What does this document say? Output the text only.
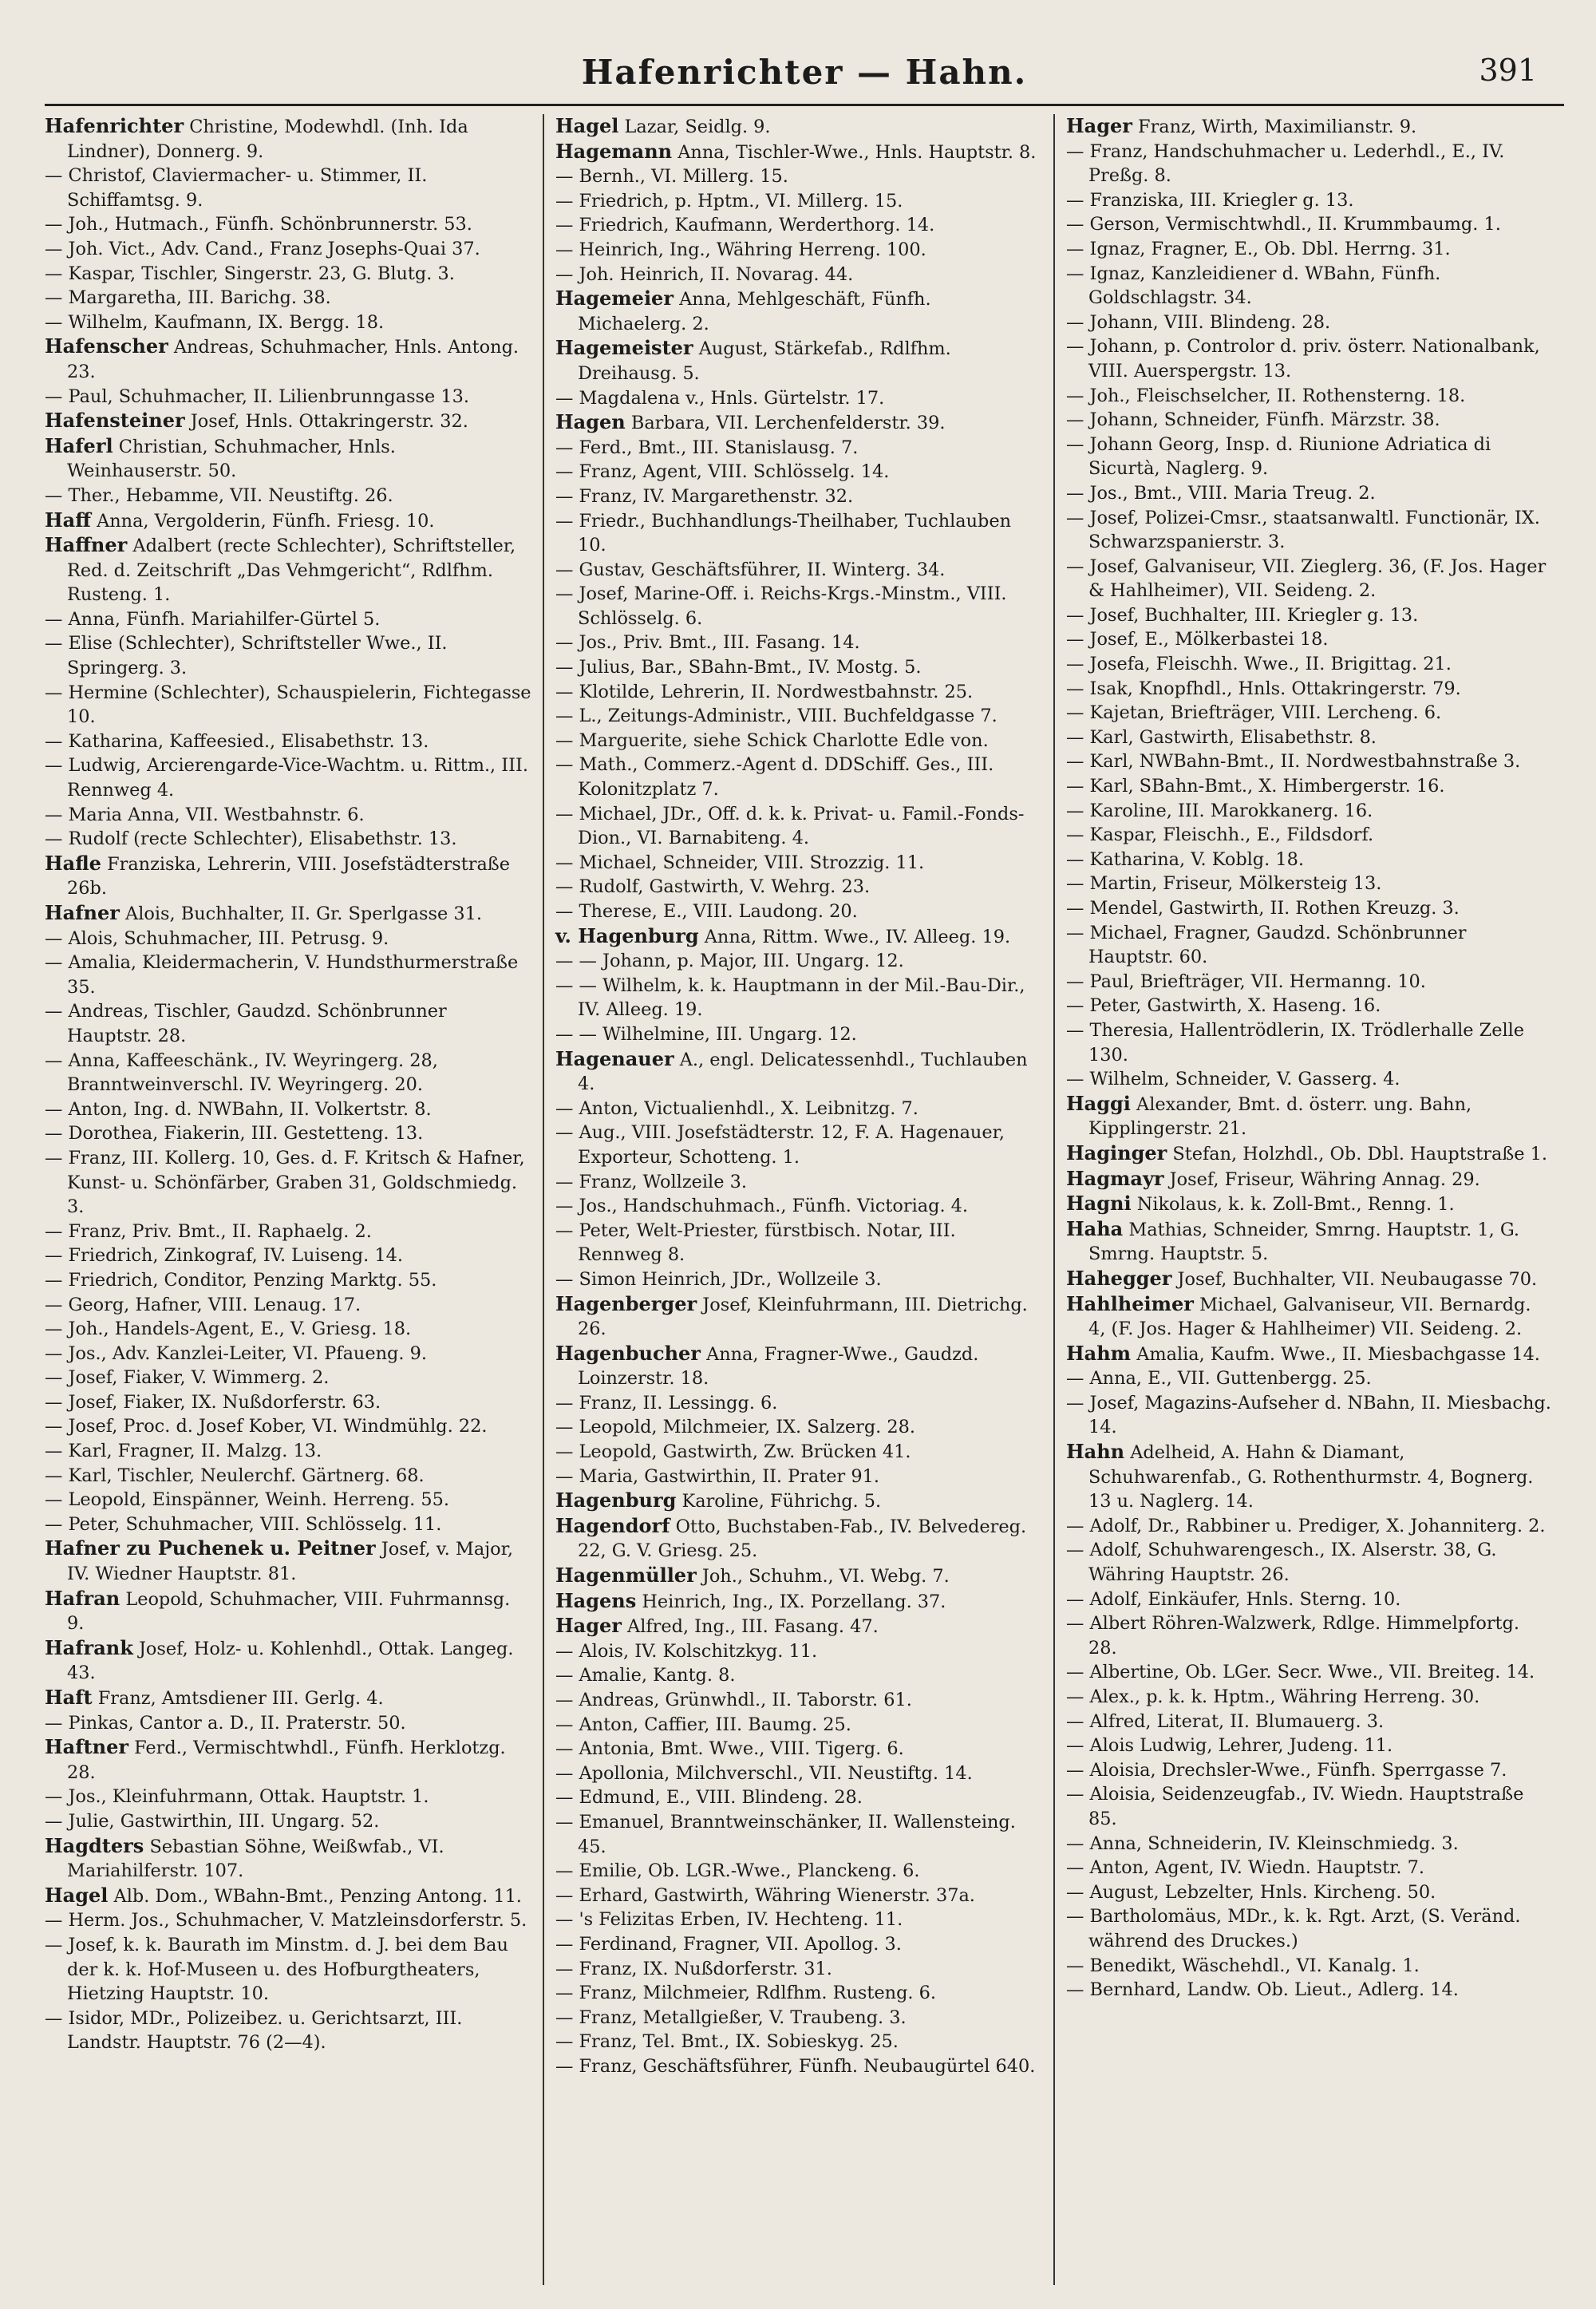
Hafenrichter — Hahn.	391

Hafenrichter Christine, Modewhdl. (Inh. Ida Lindner), Donnerg. 9.

— Christof, Claviermacher- u. Stimmer, II. Schiffamtsg. 9.

— Joh., Hutmach., Fünfh. Schönbrunnerstr. 53.

— Joh. Vict., Adv. Cand., Franz Josephs-Quai 37.

— Kaspar, Tischler, Singerstr. 23, G. Blutg. 3.

— Margaretha, III. Barichg. 38.

— Wilhelm, Kaufmann, IX. Bergg. 18.

Hafenscher Andreas, Schuhmacher, Hnls. Antong. 23.

— Paul, Schuhmacher, II. Lilienbrunngasse 13.

Hafensteiner Josef, Hnls. Ottakringerstr. 32.

Haferl Christian, Schuhmacher, Hnls. Weinhauserstr. 50.

— Ther., Hebamme, VII. Neustiftg. 26.

Haff Anna, Vergolderin, Fünfh. Friesg. 10.

Haffner Adalbert (recte Schlechter), Schriftsteller, Red. d. Zeitschrift „Das Vehmgericht“, Rdlfhm. Rusteng. 1.

— Anna, Fünfh. Mariahilfer-Gürtel 5.

— Elise (Schlechter), Schriftsteller Wwe., II. Springerg. 3.

— Hermine (Schlechter), Schauspielerin, Fichtegasse 10.

— Katharina, Kaffeesied., Elisabethstr. 13.

— Ludwig, Arcierengarde-Vice-Wachtm. u. Rittm., III. Rennweg 4.

— Maria Anna, VII. Westbahnstr. 6.

— Rudolf (recte Schlechter), Elisabethstr. 13.

Hafle Franziska, Lehrerin, VIII. Josefstädterstraße 26b.

Hafner Alois, Buchhalter, II. Gr. Sperlgasse 31.

— Alois, Schuhmacher, III. Petrusg. 9.

— Amalia, Kleidermacherin, V. Hundsthurmerstraße 35.

— Andreas, Tischler, Gaudzd. Schönbrunner Hauptstr. 28.

— Anna, Kaffeeschänk., IV. Weyringerg. 28, Branntweinverschl. IV. Weyringerg. 20.

— Anton, Ing. d. NWBahn, II. Volkertstr. 8.

— Dorothea, Fiakerin, III. Gestetteng. 13.

— Franz, III. Kollerg. 10, Ges. d. F. Kritsch & Hafner, Kunst- u. Schönfärber, Graben 31, Goldschmiedg. 3.

— Franz, Priv. Bmt., II. Raphaelg. 2.

— Friedrich, Zinkograf, IV. Luiseng. 14.

— Friedrich, Conditor, Penzing Marktg. 55.

— Georg, Hafner, VIII. Lenaug. 17.

— Joh., Handels-Agent, E., V. Griesg. 18.

— Jos., Adv. Kanzlei-Leiter, VI. Pfaueng. 9.

— Josef, Fiaker, V. Wimmerg. 2.

— Josef, Fiaker, IX. Nußdorferstr. 63.

— Josef, Proc. d. Josef Kober, VI. Windmühlg. 22.

— Karl, Fragner, II. Malzg. 13.

— Karl, Tischler, Neulerchf. Gärtnerg. 68.

— Leopold, Einspänner, Weinh. Herreng. 55.

— Peter, Schuhmacher, VIII. Schlösselg. 11.

Hafner zu Puchenek u. Peitner Josef, v. Major, IV. Wiedner Hauptstr. 81.

Hafran Leopold, Schuhmacher, VIII. Fuhrmannsg. 9.

Hafrank Josef, Holz- u. Kohlenhdl., Ottak. Langeg. 43.

Haft Franz, Amtsdiener III. Gerlg. 4.

— Pinkas, Cantor a. D., II. Praterstr. 50.

Haftner Ferd., Vermischtwhdl., Fünfh. Herklotzg. 28.

— Jos., Kleinfuhrmann, Ottak. Hauptstr. 1.

— Julie, Gastwirthin, III. Ungarg. 52.

Hagdters Sebastian Söhne, Weißwfab., VI. Mariahilferstr. 107.

Hagel Alb. Dom., WBahn-Bmt., Penzing Antong. 11.

— Herm. Jos., Schuhmacher, V. Matzleinsdorferstr. 5.

— Josef, k. k. Baurath im Minstm. d. J. bei dem Bau der k. k. Hof-Museen u. des Hofburgtheaters, Hietzing Hauptstr. 10.

— Isidor, MDr., Polizeibez. u. Gerichtsarzt, III. Landstr. Hauptstr. 76 (2—4).

Hagel Lazar, Seidlg. 9.

Hagemann Anna, Tischler-Wwe., Hnls. Hauptstr. 8.

— Bernh., VI. Millerg. 15.

— Friedrich, p. Hptm., VI. Millerg. 15.

— Friedrich, Kaufmann, Werderthorg. 14.

— Heinrich, Ing., Währing Herreng. 100.

— Joh. Heinrich, II. Novarag. 44.

Hagemeier Anna, Mehlgeschäft, Fünfh. Michaelerg. 2.

Hagemeister August, Stärkefab., Rdlfhm. Dreihausg. 5.

— Magdalena v., Hnls. Gürtelstr. 17.

Hagen Barbara, VII. Lerchenfelderstr. 39.

— Ferd., Bmt., III. Stanislausg. 7.

— Franz, Agent, VIII. Schlösselg. 14.

— Franz, IV. Margarethenstr. 32.

— Friedr., Buchhandlungs-Theilhaber, Tuchlauben 10.

— Gustav, Geschäftsführer, II. Winterg. 34.

— Josef, Marine-Off. i. Reichs-Krgs.-Minstm., VIII. Schlösselg. 6.

— Jos., Priv. Bmt., III. Fasang. 14.

— Julius, Bar., SBahn-Bmt., IV. Mostg. 5.

— Klotilde, Lehrerin, II. Nordwestbahnstr. 25.

— L., Zeitungs-Administr., VIII. Buchfeldgasse 7.

— Marguerite, siehe Schick Charlotte Edle von.

— Math., Commerz.-Agent d. DDSchiff. Ges., III. Kolonitzplatz 7.

— Michael, JDr., Off. d. k. k. Privat- u. Famil.-Fonds-Dion., VI. Barnabiteng. 4.

— Michael, Schneider, VIII. Strozzig. 11.

— Rudolf, Gastwirth, V. Wehrg. 23.

— Therese, E., VIII. Laudong. 20.

v. Hagenburg Anna, Rittm. Wwe., IV. Alleeg. 19.

— — Johann, p. Major, III. Ungarg. 12.

— — Wilhelm, k. k. Hauptmann in der Mil.-Bau-Dir., IV. Alleeg. 19.

— — Wilhelmine, III. Ungarg. 12.

Hagenauer A., engl. Delicatessenhdl., Tuchlauben 4.

— Anton, Victualienhdl., X. Leibnitzg. 7.

— Aug., VIII. Josefstädterstr. 12, F. A. Hagenauer, Exporteur, Schotteng. 1.

— Franz, Wollzeile 3.

— Jos., Handschuhmach., Fünfh. Victoriag. 4.

— Peter, Welt-Priester, fürstbisch. Notar, III. Rennweg 8.

— Simon Heinrich, JDr., Wollzeile 3.

Hagenberger Josef, Kleinfuhrmann, III. Dietrichg. 26.

Hagenbucher Anna, Fragner-Wwe., Gaudzd. Loinzerstr. 18.

— Franz, II. Lessingg. 6.

— Leopold, Milchmeier, IX. Salzerg. 28.

— Leopold, Gastwirth, Zw. Brücken 41.

— Maria, Gastwirthin, II. Prater 91.

Hagenburg Karoline, Führichg. 5.

Hagendorf Otto, Buchstaben-Fab., IV. Belvedereg. 22, G. V. Griesg. 25.

Hagenmüller Joh., Schuhm., VI. Webg. 7.

Hagens Heinrich, Ing., IX. Porzellang. 37.

Hager Alfred, Ing., III. Fasang. 47.

— Alois, IV. Kolschitzkyg. 11.

— Amalie, Kantg. 8.

— Andreas, Grünwhdl., II. Taborstr. 61.

— Anton, Caffier, III. Baumg. 25.

— Antonia, Bmt. Wwe., VIII. Tigerg. 6.

— Apollonia, Milchverschl., VII. Neustiftg. 14.

— Edmund, E., VIII. Blindeng. 28.

— Emanuel, Branntweinschänker, II. Wallensteing. 45.

— Emilie, Ob. LGR.-Wwe., Planckeng. 6.

— Erhard, Gastwirth, Währing Wienerstr. 37a.

— 's Felizitas Erben, IV. Hechteng. 11.

— Ferdinand, Fragner, VII. Apollog. 3.

— Franz, IX. Nußdorferstr. 31.

— Franz, Milchmeier, Rdlfhm. Rusteng. 6.

— Franz, Metallgießer, V. Traubeng. 3.

— Franz, Tel. Bmt., IX. Sobieskyg. 25.

— Franz, Geschäftsführer, Fünfh. Neubaugürtel 640.

Hager Franz, Wirth, Maximilianstr. 9.

— Franz, Handschuhmacher u. Lederhdl., E., IV. Preßg. 8.

— Franziska, III. Kriegler g. 13.

— Gerson, Vermischtwhdl., II. Krummbaumg. 1.

— Ignaz, Fragner, E., Ob. Dbl. Herrng. 31.

— Ignaz, Kanzleidiener d. WBahn, Fünfh. Goldschlagstr. 34.

— Johann, VIII. Blindeng. 28.

— Johann, p. Controlor d. priv. österr. Nationalbank, VIII. Auerspergstr. 13.

— Joh., Fleischselcher, II. Rothensterng. 18.

— Johann, Schneider, Fünfh. Märzstr. 38.

— Johann Georg, Insp. d. Riunione Adriatica di Sicurtà, Naglerg. 9.

— Jos., Bmt., VIII. Maria Treug. 2.

— Josef, Polizei-Cmsr., staatsanwaltl. Functionär, IX. Schwarzspanierstr. 3.

— Josef, Galvaniseur, VII. Zieglerg. 36, (F. Jos. Hager & Hahlheimer), VII. Seideng. 2.

— Josef, Buchhalter, III. Kriegler g. 13.

— Josef, E., Mölkerbastei 18.

— Josefa, Fleischh. Wwe., II. Brigittag. 21.

— Isak, Knopfhdl., Hnls. Ottakringerstr. 79.

— Kajetan, Briefträger, VIII. Lercheng. 6.

— Karl, Gastwirth, Elisabethstr. 8.

— Karl, NWBahn-Bmt., II. Nordwestbahnstraße 3.

— Karl, SBahn-Bmt., X. Himbergerstr. 16.

— Karoline, III. Marokkanerg. 16.

— Kaspar, Fleischh., E., Fildsdorf.

— Katharina, V. Koblg. 18.

— Martin, Friseur, Mölkersteig 13.

— Mendel, Gastwirth, II. Rothen Kreuzg. 3.

— Michael, Fragner, Gaudzd. Schönbrunner Hauptstr. 60.

— Paul, Briefträger, VII. Hermanng. 10.

— Peter, Gastwirth, X. Haseng. 16.

— Theresia, Hallentrödlerin, IX. Trödlerhalle Zelle 130.

— Wilhelm, Schneider, V. Gasserg. 4.

Haggi Alexander, Bmt. d. österr. ung. Bahn, Kipplingerstr. 21.

Haginger Stefan, Holzhdl., Ob. Dbl. Hauptstraße 1.

Hagmayr Josef, Friseur, Währing Annag. 29.

Hagni Nikolaus, k. k. Zoll-Bmt., Renng. 1.

Haha Mathias, Schneider, Smrng. Hauptstr. 1, G. Smrng. Hauptstr. 5.

Hahegger Josef, Buchhalter, VII. Neubaugasse 70.

Hahlheimer Michael, Galvaniseur, VII. Bernardg. 4, (F. Jos. Hager & Hahlheimer) VII. Seideng. 2.

Hahm Amalia, Kaufm. Wwe., II. Miesbachgasse 14.

— Anna, E., VII. Guttenbergg. 25.

— Josef, Magazins-Aufseher d. NBahn, II. Miesbachg. 14.

Hahn Adelheid, A. Hahn & Diamant, Schuhwarenfab., G. Rothenthurmstr. 4, Bognerg. 13 u. Naglerg. 14.

— Adolf, Dr., Rabbiner u. Prediger, X. Johanniterg. 2.

— Adolf, Schuhwarengesch., IX. Alserstr. 38, G. Währing Hauptstr. 26.

— Adolf, Einkäufer, Hnls. Sterng. 10.

— Albert Röhren-Walzwerk, Rdlge. Himmelpfortg. 28.

— Albertine, Ob. LGer. Secr. Wwe., VII. Breiteg. 14.

— Alex., p. k. k. Hptm., Währing Herreng. 30.

— Alfred, Literat, II. Blumauerg. 3.

— Alois Ludwig, Lehrer, Judeng. 11.

— Aloisia, Drechsler-Wwe., Fünfh. Sperrgasse 7.

— Aloisia, Seidenzeugfab., IV. Wiedn. Hauptstraße 85.

— Anna, Schneiderin, IV. Kleinschmiedg. 3.

— Anton, Agent, IV. Wiedn. Hauptstr. 7.

— August, Lebzelter, Hnls. Kircheng. 50.

— Bartholomäus, MDr., k. k. Rgt. Arzt, (S. Veränd. während des Druckes.)

— Benedikt, Wäschehdl., VI. Kanalg. 1.

— Bernhard, Landw. Ob. Lieut., Adlerg. 14.
